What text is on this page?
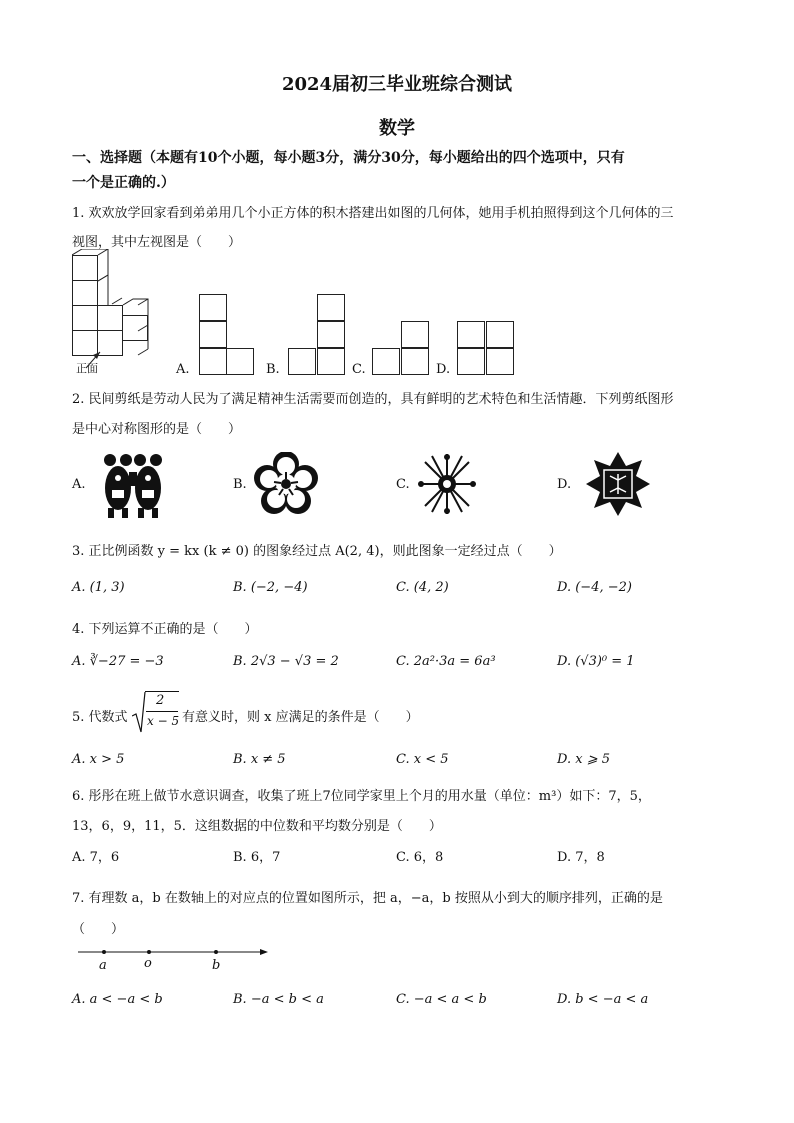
2024届初三毕业班综合测试
数学
一、选择题（本题有10个小题，每小题3分，满分30分，每小题给出的四个选项中，只有
一个是正确的.）
1. 欢欢放学回家看到弟弟用几个小正方体的积木搭建出如图的几何体，她用手机拍照得到这个几何体的三
视图，其中左视图是（　　）
正面	A.	B.	C.	D.
2. 民间剪纸是劳动人民为了满足精神生活需要而创造的，具有鲜明的艺术特色和生活情趣．下列剪纸图形
是中心对称图形的是（　　）
A.	B.	C.	D.
3. 正比例函数 y = kx (k ≠ 0) 的图象经过点 A(2, 4)，则此图象一定经过点（　　）
A. (1, 3)	B. (−2, −4)	C. (4, 2)	D. (−4, −2)
4. 下列运算不正确的是（　　）
A. ∛−27 = −3	B. 2√3 − √3 = 2	C. 2a²·3a = 6a³	D. (√3)⁰ = 1
5. 代数式
2
x − 5 有意义时，则 x 应满足的条件是（　　）
A. x > 5	B. x ≠ 5	C. x < 5	D. x ⩾ 5
6. 彤彤在班上做节水意识调查，收集了班上7位同学家里上个月的用水量（单位：m³）如下：7，5，
13，6，9，11，5．这组数据的中位数和平均数分别是（　　）
A. 7，6	B. 6，7	C. 6，8	D. 7，8
7. 有理数 a，b 在数轴上的对应点的位置如图所示，把 a，−a，b 按照从小到大的顺序排列，正确的是
（　　）
a	o	b
A. a < −a < b	B. −a < b < a	C. −a < a < b	D. b < −a < a
